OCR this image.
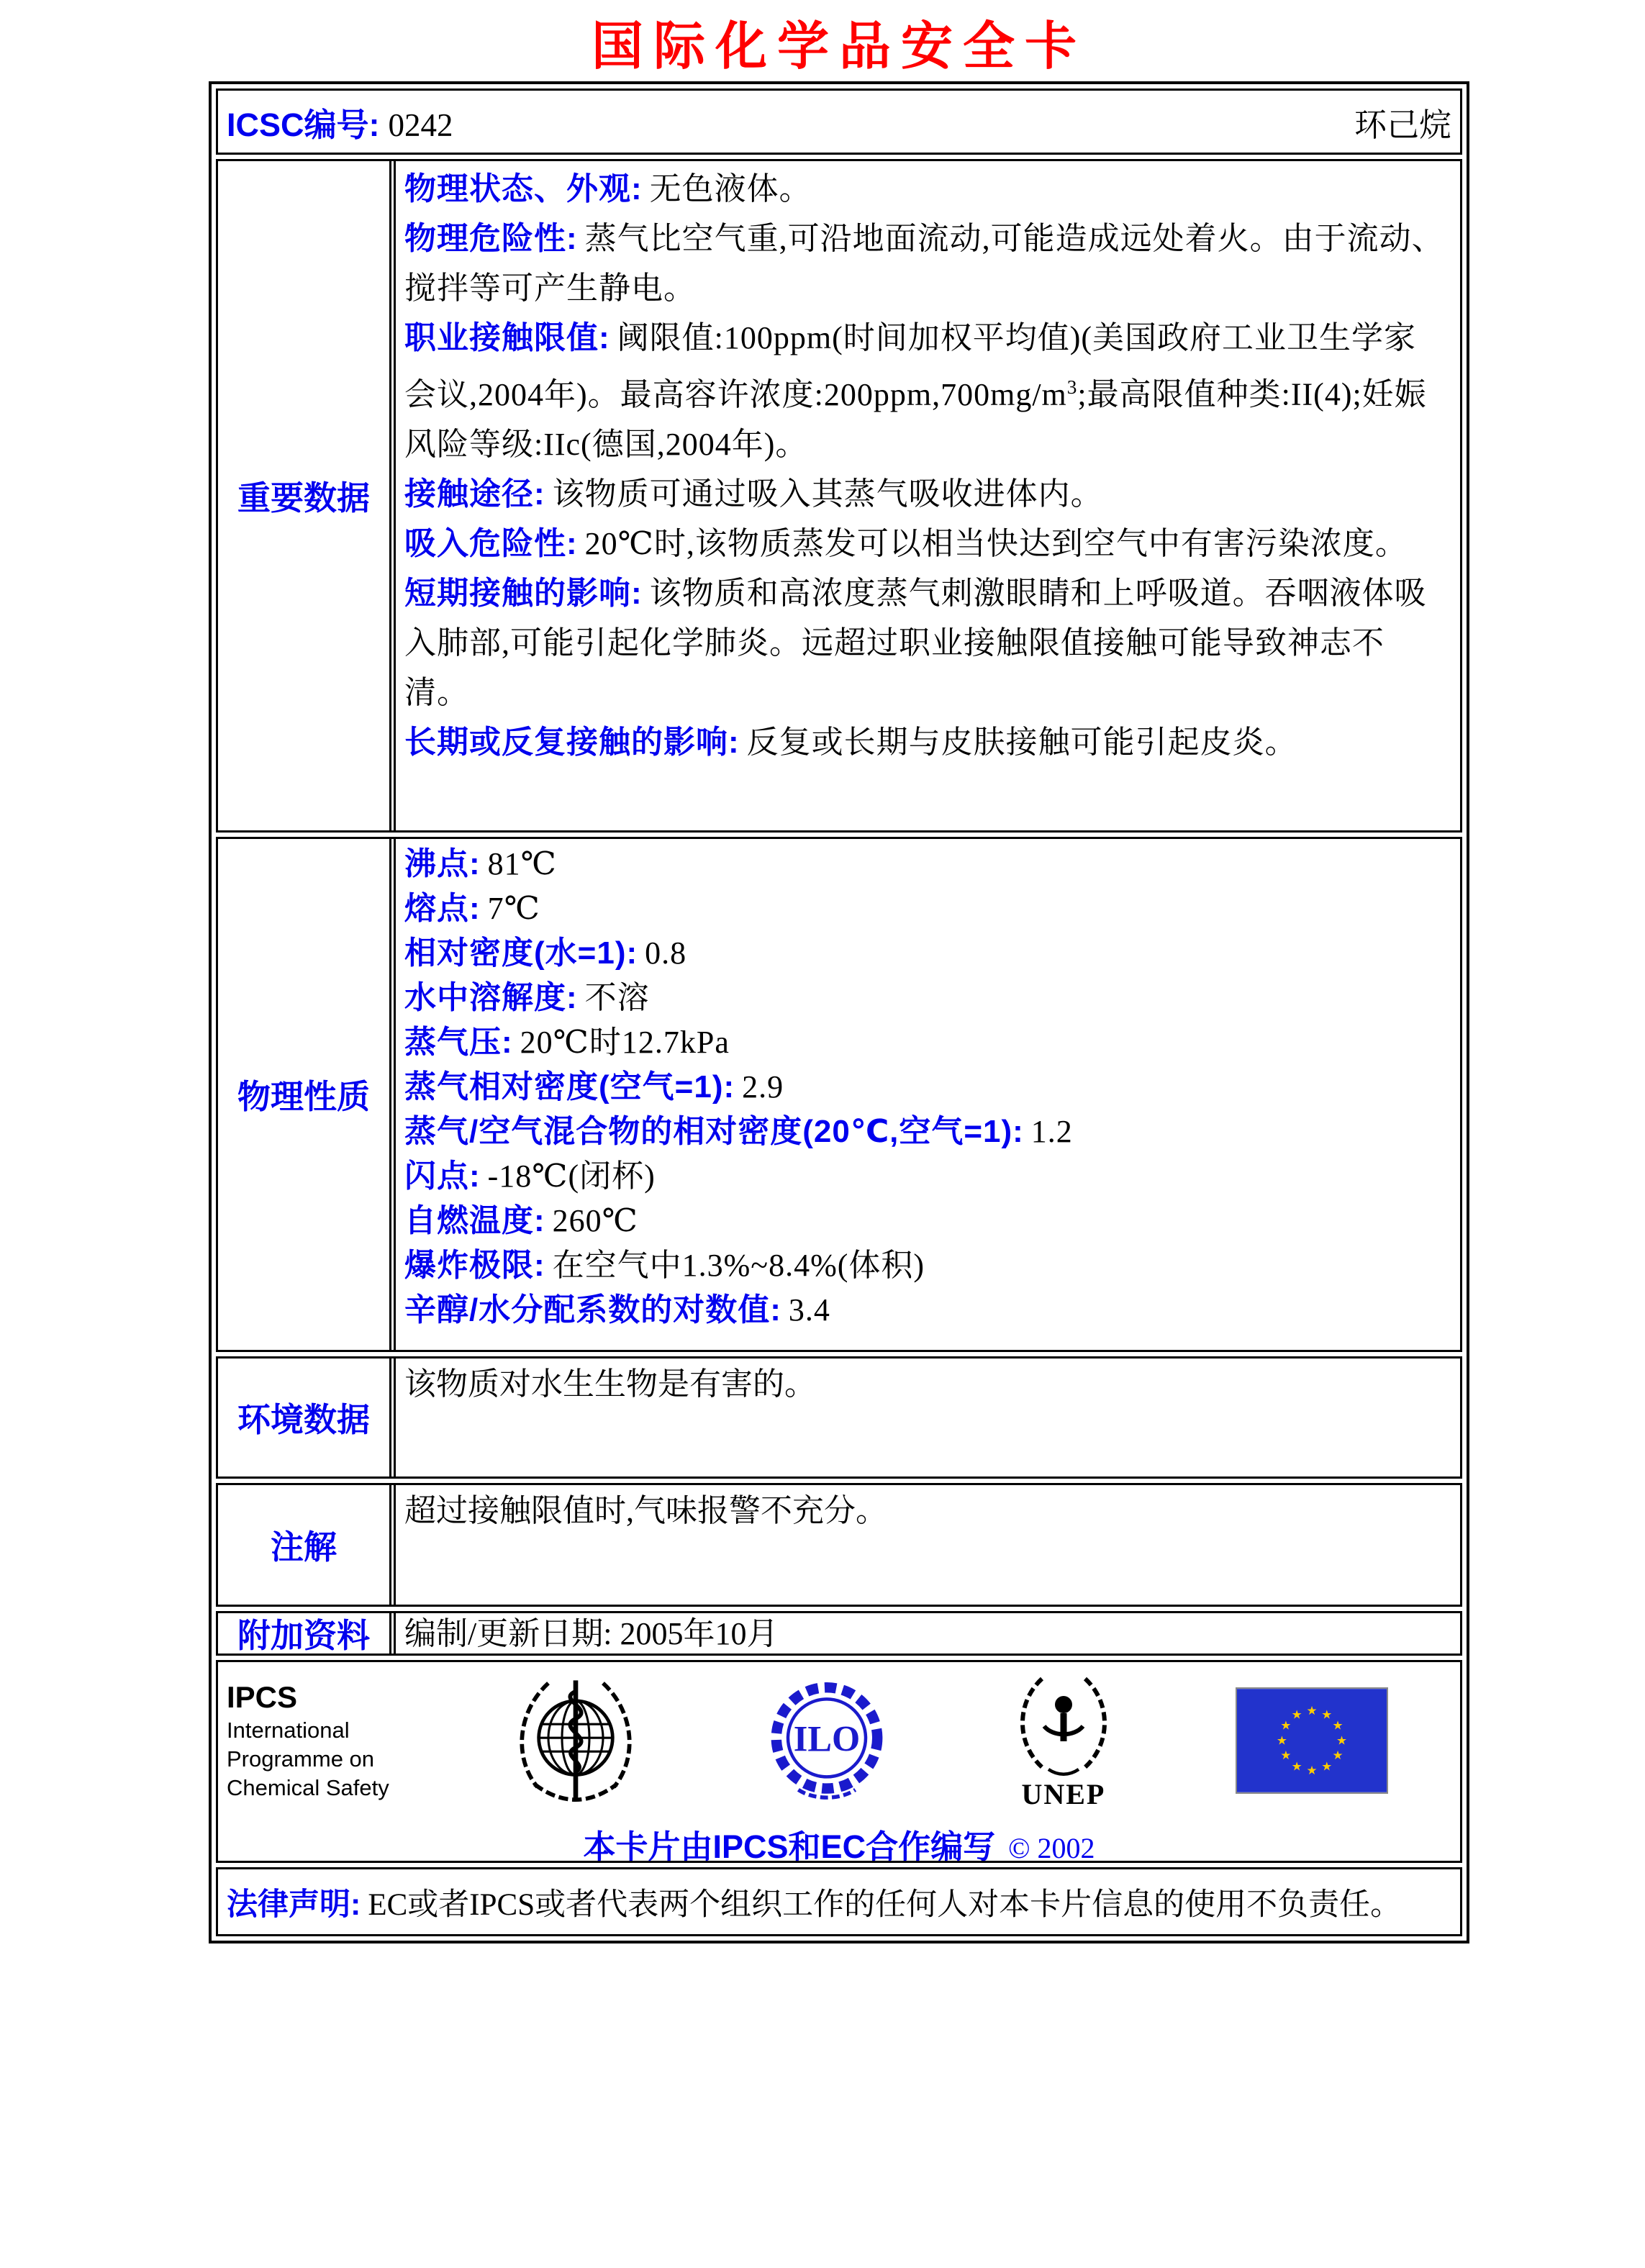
国际化学品安全卡
ICSC编号: 0242	环己烷
重要数据

物理状态、外观: 无色液体。

物理危险性: 蒸气比空气重,可沿地面流动,可能造成远处着火。由于流动、搅拌等可产生静电。

职业接触限值: 阈限值:100ppm(时间加权平均值)(美国政府工业卫生学家会议,2004年)。最高容许浓度$:200ppm,700mg/m^3$;最高限值种类:II(4);妊娠风险等级:IIc(德国,2004年)。

接触途径: 该物质可通过吸入其蒸气吸收进体内。

吸入危险性: 20℃时,该物质蒸发可以相当快达到空气中有害污染浓度。

短期接触的影响: 该物质和高浓度蒸气刺激眼睛和上呼吸道。吞咽液体吸入肺部,可能引起化学肺炎。远超过职业接触限值接触可能导致神志不清。

长期或反复接触的影响: 反复或长期与皮肤接触可能引起皮炎。

物理性质

沸点: 81℃

熔点: 7℃

相对密度(水=1): 0.8

水中溶解度: 不溶

蒸气压: 20℃时12.7kPa

蒸气相对密度(空气=1): 2.9

蒸气/空气混合物的相对密度(20℃,空气=1): 1.2

闪点: -18℃(闭杯)

自燃温度: 260℃

爆炸极限: 在空气中1.3%~8.4%(体积)

辛醇/水分配系数的对数值: 3.4

环境数据

该物质对水生生物是有害的。

注解

超过接触限值时,气味报警不充分。

附加资料	编制/更新日期: 2005年10月

IPCS
International
Programme on
Chemical Safety
ILO
UNEP
★ ★
★
★
★
★
★
★
★
★
★
★
本卡片由IPCS和EC合作编写 © 2002
法律声明: EC或者IPCS或者代表两个组织工作的任何人对本卡片信息的使用不负责任。
